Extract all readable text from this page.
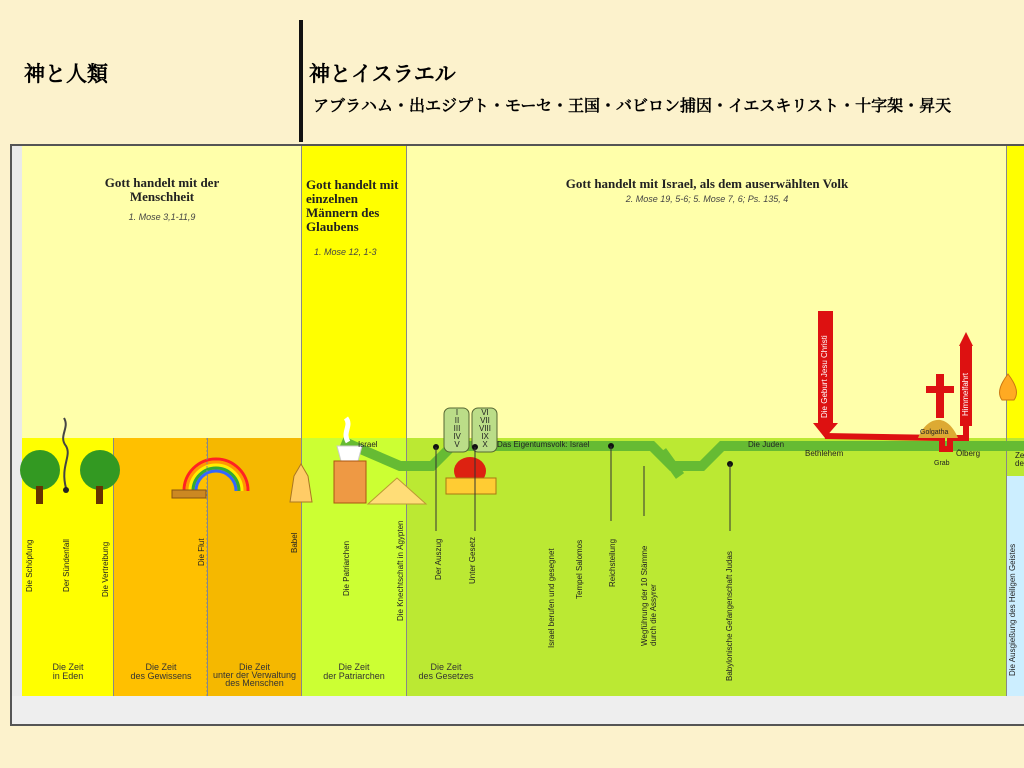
神と人類	神とイスラエル
アブラハム・出エジプト・モーセ・王国・バビロン捕因・イエスキリスト・十字架・昇天
Gott handelt mit der Menschheit
1. Mose 3,1-11,9
Gott handelt mit einzelnen Männern des Glaubens
1. Mose 12, 1-3
Gott handelt mit Israel, als dem auserwählten Volk
2. Mose 19, 5-6; 5. Mose 7, 6; Ps. 135, 4
I
II
III
IV
V
VI
VII
VIII
IX
X
Israel	Das Eigentumsvolk: Israel	Die Juden
Bethlehem
Golgatha
Ölberg
Grab
Ze de
Die Geburt Jesu Christi	Himmelfahrt
Die Schöpfung	Der Sündenfall	Die Vertreibung	Die Flut	Babel	Die Patriarchen	Die Knechtschaft in Ägypten	Der Auszug	Unter Gesetz	Israel berufen und gesegnet Tempel Salomos	Reichsteilung	Wegführung der 10 Stämme durch die Assyrer	Babylonische Gefangenschaft Judas	Die Ausgießung des Heiligen Geistes
Die Zeit
in Eden
Die Zeit
des Gewissens
Die Zeit
unter der Verwaltung
des Menschen
Die Zeit
der Patriarchen
Die Zeit
des Gesetzes
